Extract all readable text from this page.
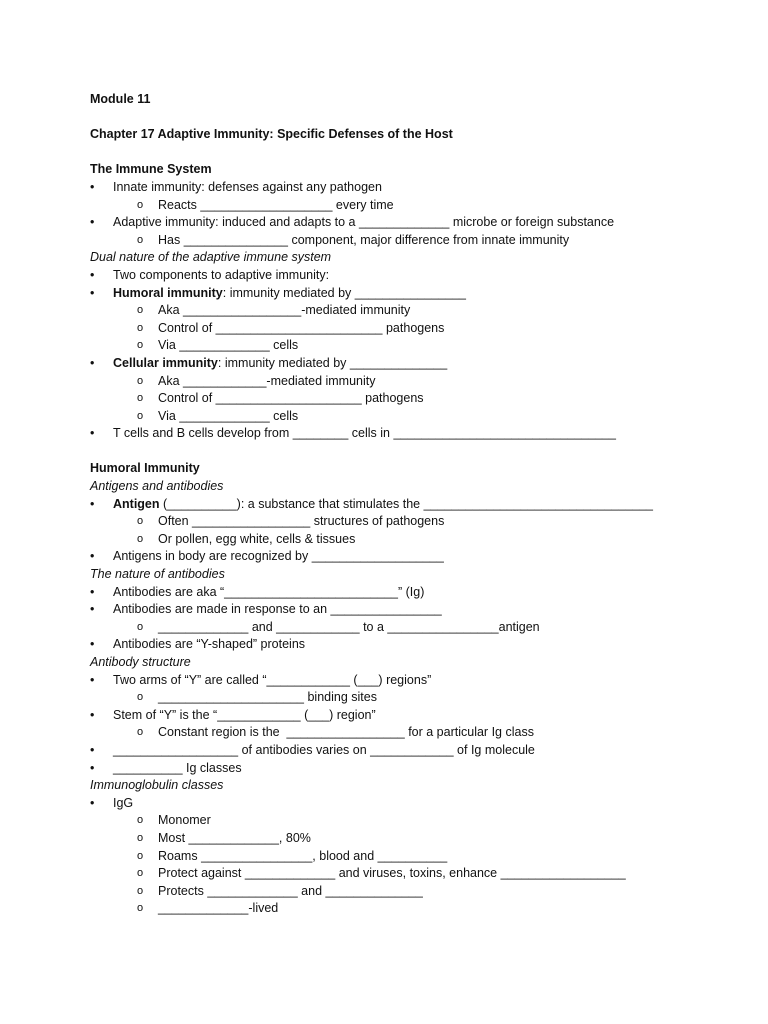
Module 11
Chapter 17 Adaptive Immunity: Specific Defenses of the Host
The Immune System
•	Innate immunity: defenses against any pathogen
o	Reacts ___________________ every time
•	Adaptive immunity: induced and adapts to a _____________ microbe or foreign substance
o	Has _______________ component, major difference from innate immunity
Dual nature of the adaptive immune system
•	Two components to adaptive immunity:
•	Humoral immunity: immunity mediated by ________________
o	Aka _________________-mediated immunity
o	Control of ________________________ pathogens
o	Via _____________ cells
•	Cellular immunity: immunity mediated by ______________
o	Aka ____________-mediated immunity
o	Control of _____________________ pathogens
o	Via _____________ cells
•	T cells and B cells develop from ________ cells in ________________________________
Humoral Immunity
Antigens and antibodies
•	Antigen (__________): a substance that stimulates the _________________________________
o	Often _________________ structures of pathogens
o	Or pollen, egg white, cells & tissues
•	Antigens in body are recognized by ___________________
The nature of antibodies
•	Antibodies are aka “_________________________” (Ig)
•	Antibodies are made in response to an ________________
o	_____________ and ____________ to a ________________antigen
•	Antibodies are “Y-shaped” proteins
Antibody structure
•	Two arms of “Y” are called “____________ (___) regions”
o	_____________________ binding sites
•	Stem of “Y” is the “____________ (___) region”
o	Constant region is the  _________________ for a particular Ig class
•	__________________ of antibodies varies on ____________ of Ig molecule
•	__________ Ig classes
Immunoglobulin classes
•	IgG
o	Monomer
o	Most _____________, 80%
o	Roams ________________, blood and __________
o	Protect against _____________ and viruses, toxins, enhance __________________
o	Protects _____________ and ______________
o	_____________-lived
